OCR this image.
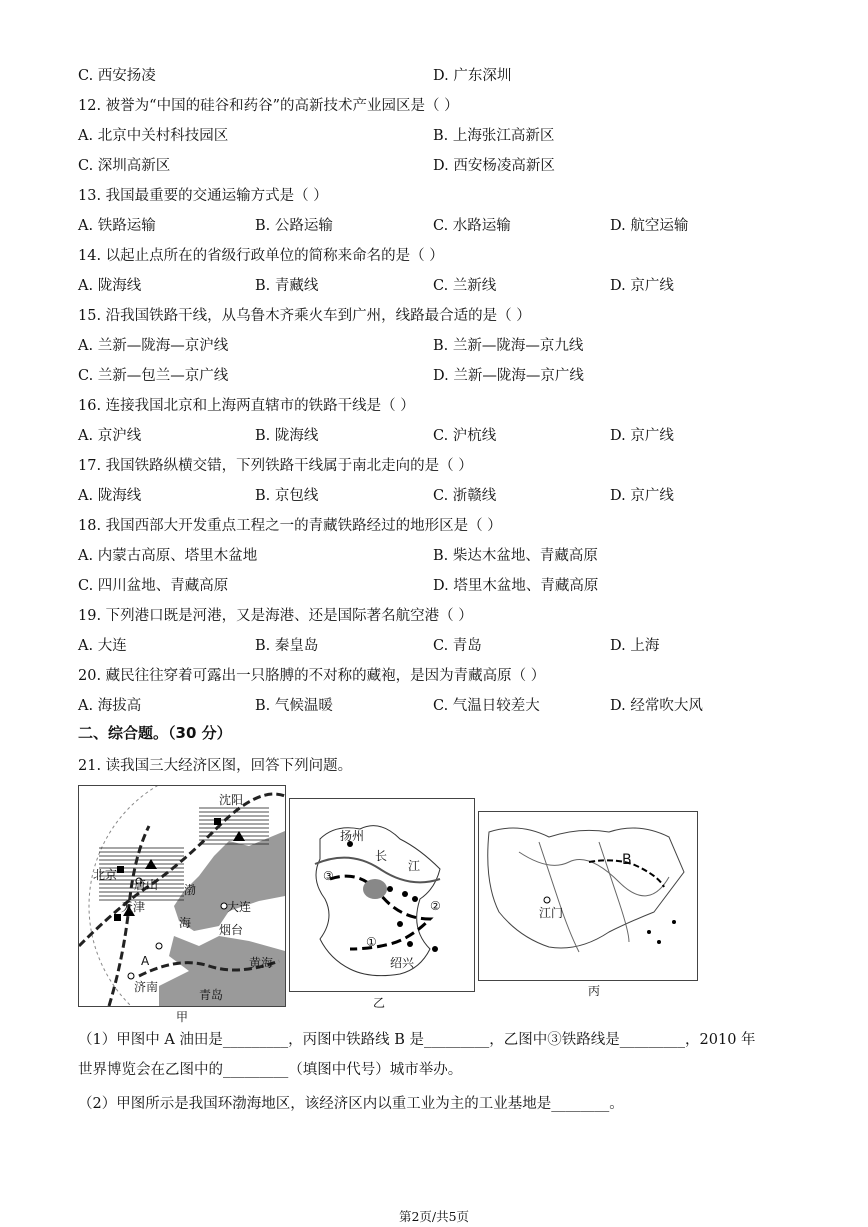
C. 西安扬凌	D. 广东深圳
12. 被誉为“中国的硅谷和药谷”的高新技术产业园区是（ ）
A. 北京中关村科技园区	B. 上海张江高新区
C. 深圳高新区	D. 西安杨凌高新区
13. 我国最重要的交通运输方式是（ ）
A. 铁路运输	B. 公路运输	C. 水路运输	D. 航空运输
14. 以起止点所在的省级行政单位的简称来命名的是（ ）
A. 陇海线	B. 青藏线	C. 兰新线	D. 京广线
15. 沿我国铁路干线，从乌鲁木齐乘火车到广州，线路最合适的是（ ）
A. 兰新—陇海—京沪线	B. 兰新—陇海—京九线
C. 兰新—包兰—京广线	D. 兰新—陇海—京广线
16. 连接我国北京和上海两直辖市的铁路干线是（ ）
A. 京沪线	B. 陇海线	C. 沪杭线	D. 京广线
17. 我国铁路纵横交错，下列铁路干线属于南北走向的是（ ）
A. 陇海线	B. 京包线	C. 浙赣线	D. 京广线
18. 我国西部大开发重点工程之一的青藏铁路经过的地形区是（ ）
A. 内蒙古高原、塔里木盆地	B. 柴达木盆地、青藏高原
C. 四川盆地、青藏高原	D. 塔里木盆地、青藏高原
19. 下列港口既是河港，又是海港、还是国际著名航空港（ ）
A. 大连	B. 秦皇岛	C. 青岛	D. 上海
20. 藏民往往穿着可露出一只胳膊的不对称的藏袍，是因为青藏高原（ ）
A. 海拔高	B. 气候温暖	C. 气温日较差大	D. 经常吹大风
二、综合题。（30 分）
21. 读我国三大经济区图，回答下列问题。
沈阳
北京
唐山
天津
渤
海
大连
烟台
黄海
济南
青岛
A
甲
扬州
长
江
③
②
①
绍兴
乙
B
江门
丙
（1）甲图中 A 油田是_________，丙图中铁路线 B 是_________，乙图中③铁路线是_________，2010 年
世界博览会在乙图中的_________（填图中代号）城市举办。
（2）甲图所示是我国环渤海地区，该经济区内以重工业为主的工业基地是________。
第2页/共5页
